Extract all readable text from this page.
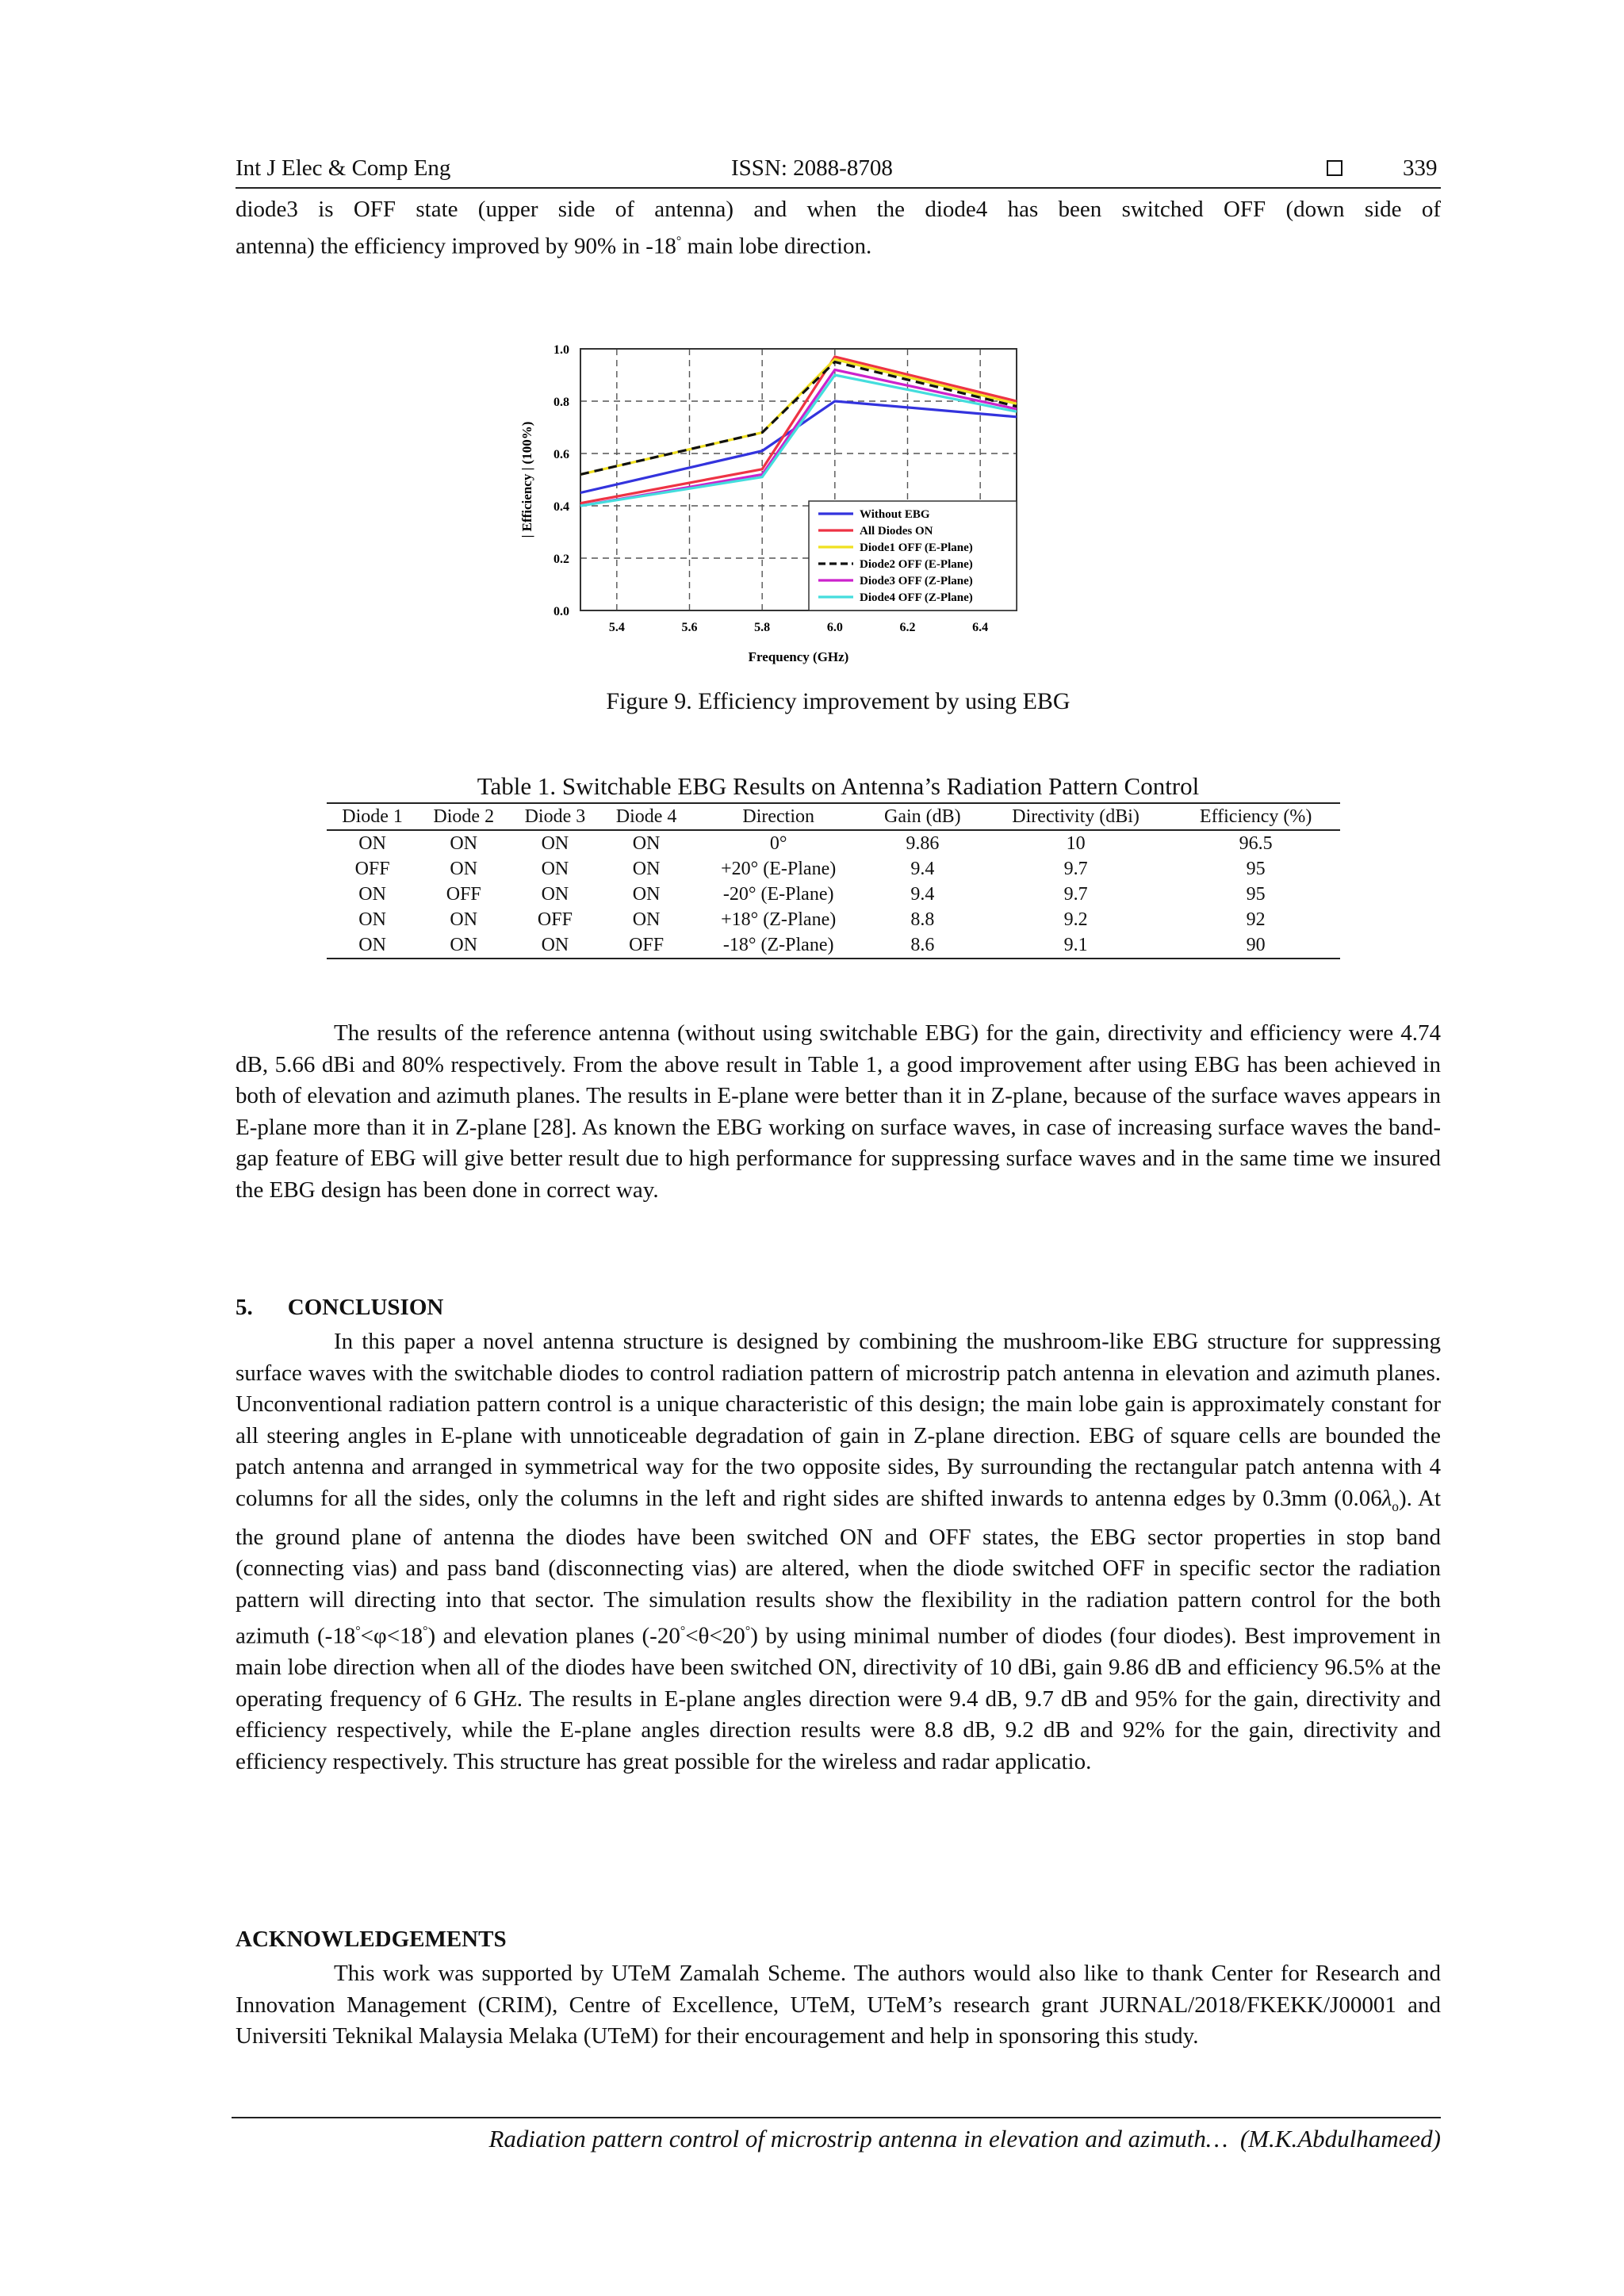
Int J Elec & Comp Eng	ISSN: 2088-8708	339
diode3 is OFF state (upper side of antenna) and when the diode4 has been switched OFF (down side of
antenna) the efficiency improved by 90% in -18° main lobe direction.
5.4	5.6	5.8	6.0	6.2	6.4
0.0
0.2
0.4
0.6
0.8
1.0
Frequency (GHz)
| Efficiency | (100%)	Without EBG
All Diodes ON
Diode1 OFF (E-Plane)
Diode2 OFF (E-Plane)
Diode3 OFF (Z-Plane)
Diode4 OFF (Z-Plane)
Figure 9. Efficiency improvement by using EBG
Table 1. Switchable EBG Results on Antenna’s Radiation Pattern Control
Diode 1	Diode 2	Diode 3	Diode 4	Direction	Gain (dB)	Directivity (dBi)	Efficiency (%)
ON	ON	ON	ON	0°	9.86	10	96.5
OFF	ON	ON	ON	+20° (E-Plane)	9.4	9.7	95
ON	OFF	ON	ON	-20° (E-Plane)	9.4	9.7	95
ON	ON	OFF	ON	+18° (Z-Plane)	8.8	9.2	92
ON	ON	ON	OFF	-18° (Z-Plane)	8.6	9.1	90
The results of the reference antenna (without using switchable EBG) for the gain, directivity and efficiency were 4.74 dB, 5.66 dBi and 80% respectively. From the above result in Table 1, a good improvement after using EBG has been achieved in both of elevation and azimuth planes. The results in E-plane were better than it in Z-plane, because of the surface waves appears in E-plane more than it in Z-plane [28]. As known the EBG working on surface waves, in case of increasing surface waves the band-gap feature of EBG will give better result due to high performance for suppressing surface waves and in the same time we insured the EBG design has been done in correct way.
5. CONCLUSION
In this paper a novel antenna structure is designed by combining the mushroom-like EBG structure for suppressing surface waves with the switchable diodes to control radiation pattern of microstrip patch antenna in elevation and azimuth planes. Unconventional radiation pattern control is a unique characteristic of this design; the main lobe gain is approximately constant for all steering angles in E-plane with unnoticeable degradation of gain in Z-plane direction. EBG of square cells are bounded the patch antenna and arranged in symmetrical way for the two opposite sides, By surrounding the rectangular patch antenna with 4 columns for all the sides, only the columns in the left and right sides are shifted inwards to antenna edges by 0.3mm $(0.06\lambda_o)$. At the ground plane of antenna the diodes have been switched ON and OFF states, the EBG sector properties in stop band (connecting vias) and pass band (disconnecting vias) are altered, when the diode switched OFF in specific sector the radiation pattern will directing into that sector. The simulation results show the flexibility in the radiation pattern control for the both azimuth (-18°<φ<18°) and elevation planes (-20°<θ<20°) by using minimal number of diodes (four diodes). Best improvement in main lobe direction when all of the diodes have been switched ON, directivity of 10 dBi, gain 9.86 dB and efficiency 96.5% at the operating frequency of 6 GHz. The results in E-plane angles direction were 9.4 dB, 9.7 dB and 95% for the gain, directivity and efficiency respectively, while the E-plane angles direction results were 8.8 dB, 9.2 dB and 92% for the gain, directivity and efficiency respectively. This structure has great possible for the wireless and radar applicatio.
ACKNOWLEDGEMENTS
This work was supported by UTeM Zamalah Scheme. The authors would also like to thank Center for Research and Innovation Management (CRIM), Centre of Excellence, UTeM, UTeM’s research grant JURNAL/2018/FKEKK/J00001 and Universiti Teknikal Malaysia Melaka (UTeM) for their encouragement and help in sponsoring this study.
Radiation pattern control of microstrip antenna in elevation and azimuth… (M.K.Abdulhameed)
